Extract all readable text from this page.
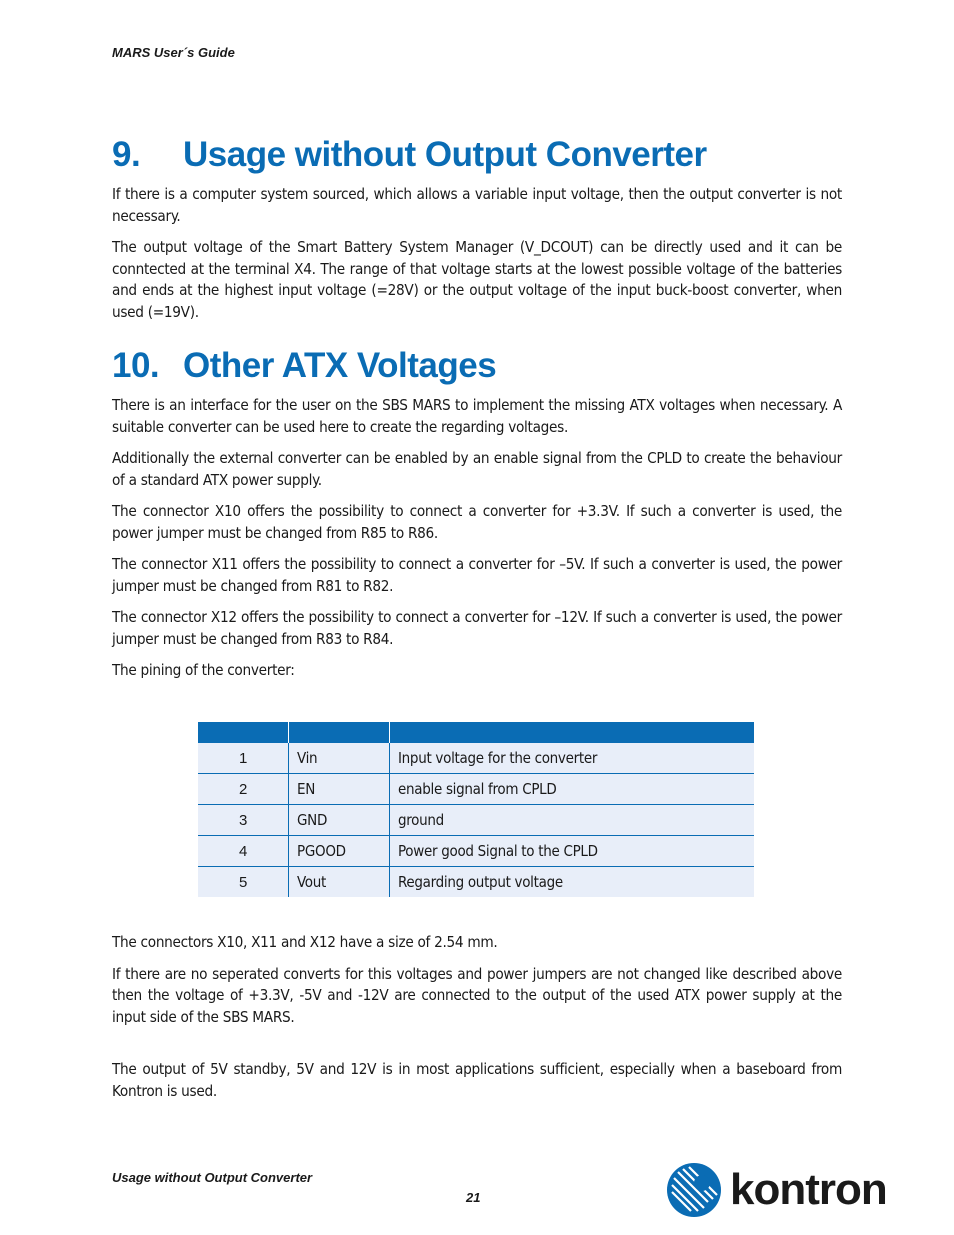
MARS User´s Guide
9. Usage without Output Converter

If there is a computer system sourced, which allows a variable input voltage, then the output converter is not necessary.

The output voltage of the Smart Battery System Manager (V_DCOUT) can be directly used and it can be conntected at the terminal X4. The range of that voltage starts at the lowest possible voltage of the batteries and ends at the highest input voltage (=28V) or the output voltage of the input buck-boost converter, when used (=19V).

10. Other ATX Voltages

There is an interface for the user on the SBS MARS to implement the missing ATX voltages when necessary. A suitable converter can be used here to create the regarding voltages.

Additionally the external converter can be enabled by an enable signal from the CPLD to create the behaviour of a standard ATX power supply.

The connector X10 offers the possibility to connect a converter for +3.3V. If such a converter is used, the power jumper must be changed from R85 to R86.

The connector X11 offers the possibility to connect a converter for –5V. If such a converter is used, the power jumper must be changed from R81 to R82.

The connector X12 offers the possibility to connect a converter for –12V. If such a converter is used, the power jumper must be changed from R83 to R84.

The pining of the converter:

1	Vin	Input voltage for the converter
2	EN	enable signal from CPLD
3	GND	ground
4	PGOOD	Power good Signal to the CPLD
5	Vout	Regarding output voltage

The connectors X10, X11 and X12 have a size of 2.54 mm.

If there are no seperated converts for this voltages and power jumpers are not changed like described above then the voltage of +3.3V, -5V and -12V are connected to the output of the used ATX power supply at the input side of the SBS MARS.

The output of 5V standby, 5V and 12V is in most applications sufficient, especially when a baseboard from Kontron is used.

Usage without Output Converter
21	kontron
